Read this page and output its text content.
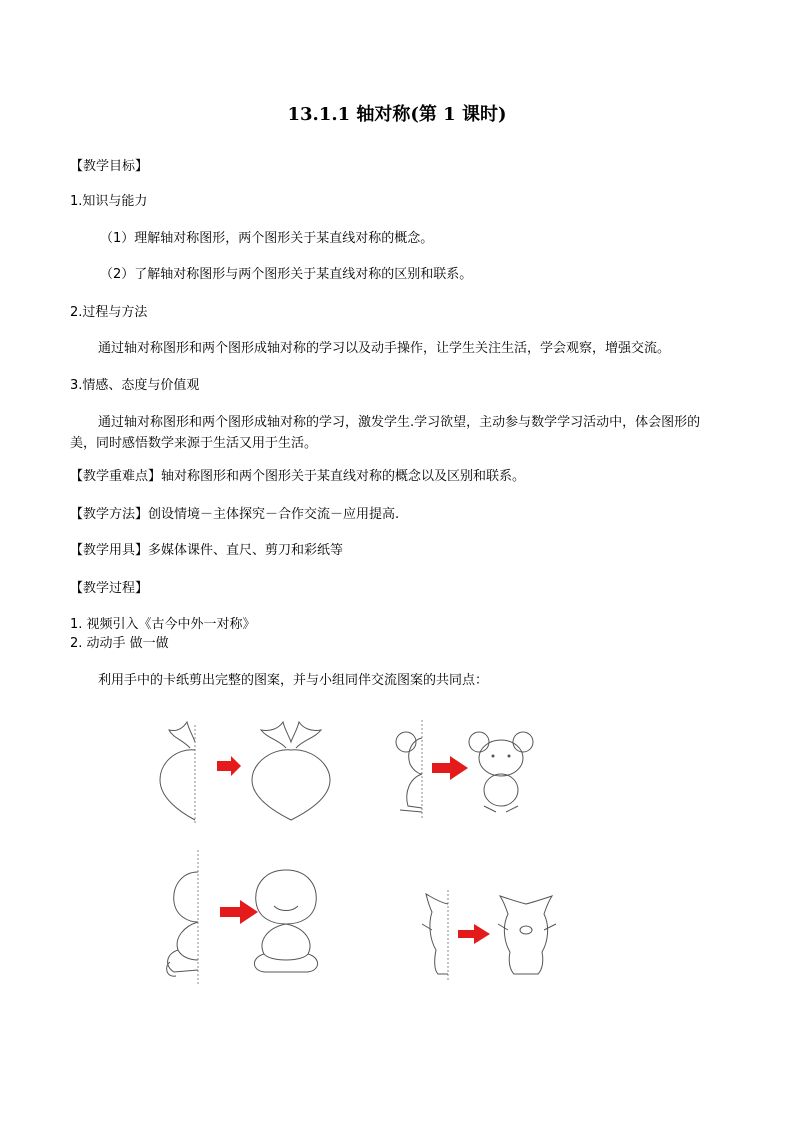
13.1.1 轴对称(第 1 课时)
【教学目标】
1.知识与能力
（1）理解轴对称图形，两个图形关于某直线对称的概念。
（2）了解轴对称图形与两个图形关于某直线对称的区别和联系。
2.过程与方法
通过轴对称图形和两个图形成轴对称的学习以及动手操作，让学生关注生活，学会观察，增强交流。
3.情感、态度与价值观
通过轴对称图形和两个图形成轴对称的学习，激发学生.学习欲望，主动参与数学学习活动中，体会图形的美，同时感悟数学来源于生活又用于生活。
【教学重难点】轴对称图形和两个图形关于某直线对称的概念以及区别和联系。
【教学方法】创设情境－主体探究－合作交流－应用提高.
【教学用具】多媒体课件、直尺、剪刀和彩纸等
【教学过程】
1. 视频引入《古今中外一对称》
2. 动动手 做一做
利用手中的卡纸剪出完整的图案，并与小组同伴交流图案的共同点：
